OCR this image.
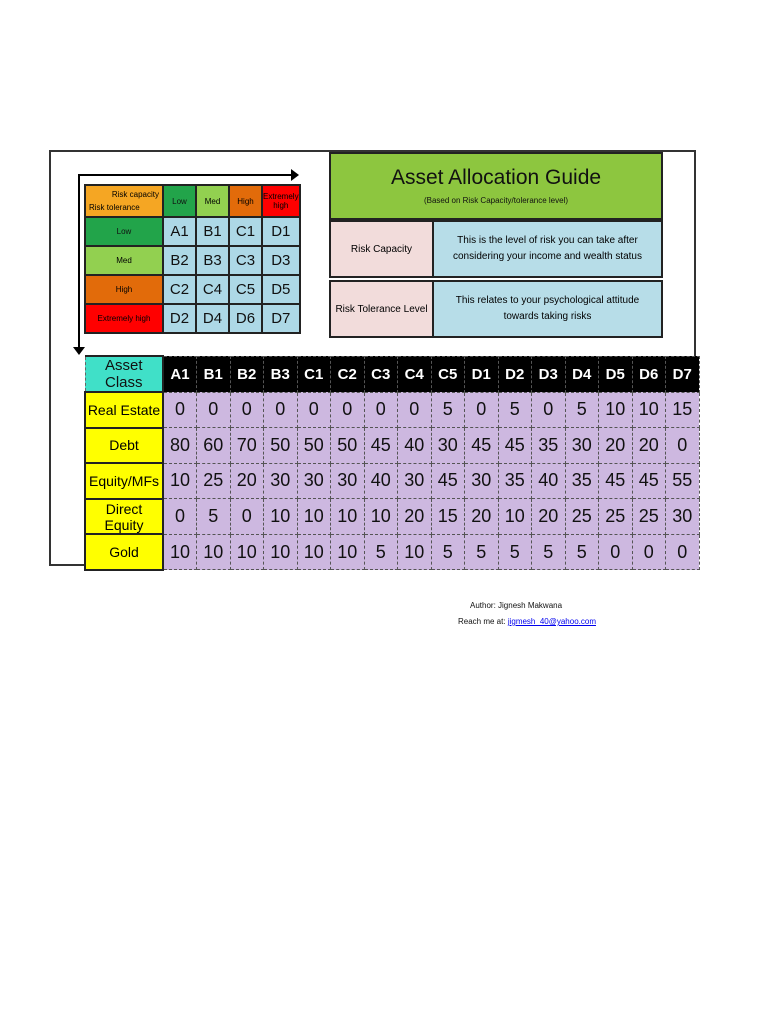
Risk capacity
Risk tolerance	Low	Med	High	Extremely high
Low	A1	B1	C1	D1
Med	B2	B3	C3	D3
High	C2	C4	C5	D5
Extremely high	D2	D4	D6	D7
Asset Allocation Guide
(Based on Risk Capacity/tolerance level)
Risk Capacity
This is the level of risk you can take after considering your income and wealth status
Risk Tolerance Level
This relates to your psychological attitude towards taking risks
Asset Class	A1	B1	B2	B3	C1	C2	C3	C4	C5	D1	D2	D3	D4	D5	D6	D7
Real Estate	0	0	0	0	0	0	0	0	5	0	5	0	5	10	10	15
Debt	80	60	70	50	50	50	45	40	30	45	45	35	30	20	20	0
Equity/MFs	10	25	20	30	30	30	40	30	45	30	35	40	35	45	45	55
Direct Equity	0	5	0	10	10	10	10	20	15	20	10	20	25	25	25	30
Gold	10	10	10	10	10	10	5	10	5	5	5	5	5	0	0	0
Author: Jignesh Makwana
Reach me at: jigmesh_40@yahoo.com
